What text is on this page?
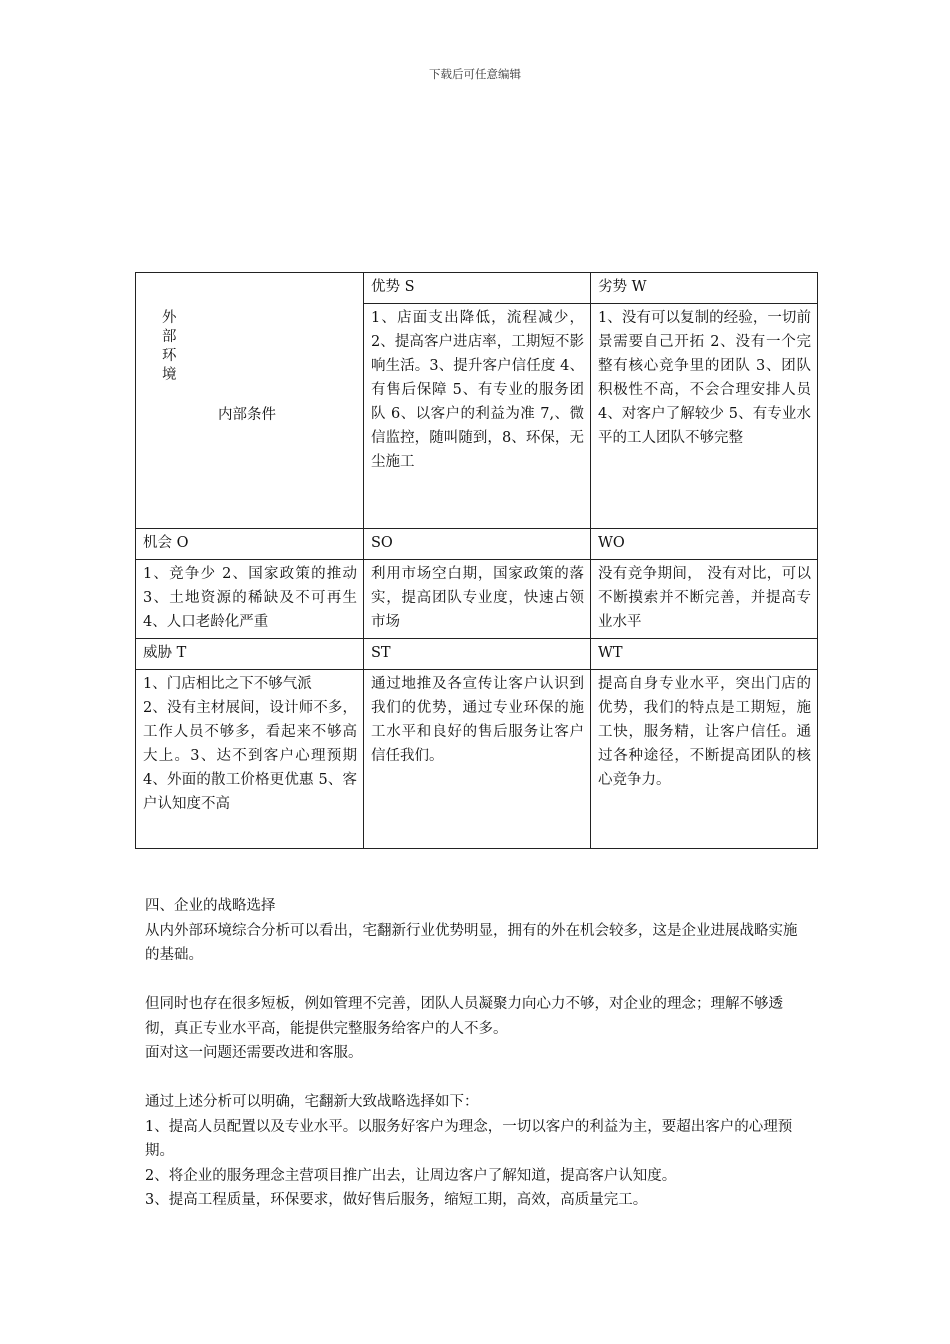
下载后可任意编辑
外
部
环
境
内部条件	优势 S	劣势 W
	1、店面支出降低，流程减少，2、提高客户进店率，工期短不影响生活。3、提升客户信任度 4、有售后保障 5、有专业的服务团队 6、以客户的利益为准 7,、微信监控，随叫随到，8、环保，无尘施工	1、没有可以复制的经验，一切前景需要自己开拓 2、没有一个完整有核心竞争里的团队 3、团队积极性不高，不会合理安排人员 4、对客户了解较少 5、有专业水平的工人团队不够完整
机会 O	SO	WO
1、竞争少 2、国家政策的推动 3、土地资源的稀缺及不可再生 4、人口老龄化严重	利用市场空白期，国家政策的落实，提高团队专业度，快速占领市场	没有竞争期间， 没有对比，可以不断摸索并不断完善，并提高专业水平
威胁 T	ST	WT

1、门店相比之下不够气派
2、没有主材展间，设计师不多，工作人员不够多，看起来不够高大上。3、达不到客户心理预期 4、外面的散工价格更优惠 5、客户认知度不高	通过地推及各宣传让客户认识到我们的优势，通过专业环保的施工水平和良好的售后服务让客户信任我们。	提高自身专业水平，突出门店的优势，我们的特点是工期短，施工快，服务精，让客户信任。通过各种途径，不断提高团队的核心竞争力。

四、企业的战略选择

从内外部环境综合分析可以看出，宅翻新行业优势明显，拥有的外在机会较多，这是企业进展战略实施的基础。

但同时也存在很多短板，例如管理不完善，团队人员凝聚力向心力不够，对企业的理念；理解不够透彻，真正专业水平高，能提供完整服务给客户的人不多。

面对这一问题还需要改进和客服。

通过上述分析可以明确，宅翻新大致战略选择如下：

1、提高人员配置以及专业水平。以服务好客户为理念，一切以客户的利益为主，要超出客户的心理预期。

2、将企业的服务理念主营项目推广出去，让周边客户了解知道，提高客户认知度。

3、提高工程质量，环保要求，做好售后服务，缩短工期，高效，高质量完工。
